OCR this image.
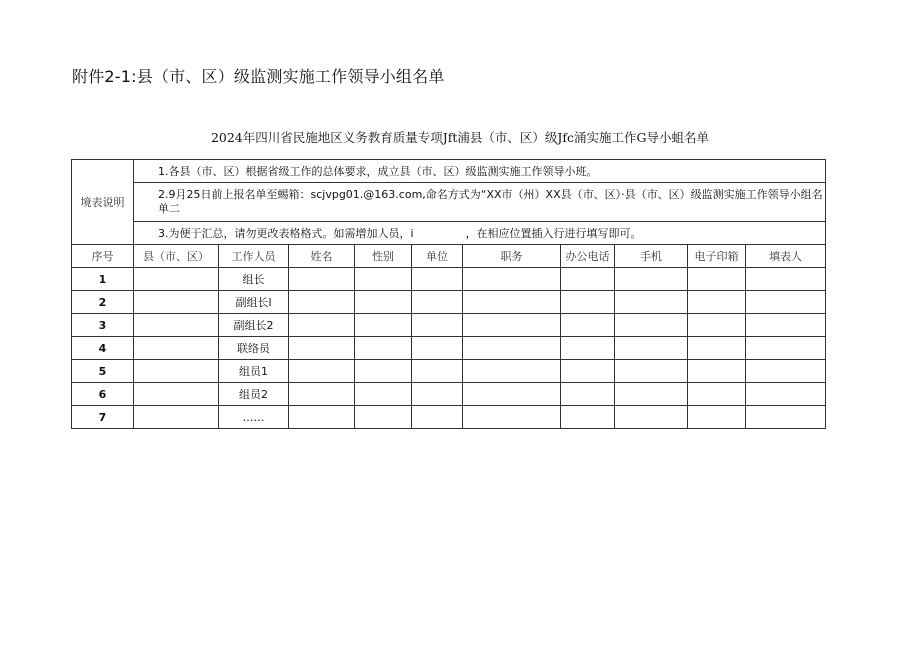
附件2-1:县（市、区）级监测实施工作领导小组名单
2024年四川省民施地区义务教育质量专项Jft浦县（市、区）级Jfc涌实施工作G导小蛆名单
境表说明	1.各县（市、区）根据省级工作的总体要求，成立县（市、区）级监测实施工作领导小班。									
	2.9月25日前上报名单至蜴箱：scjvpg01.@163.com,命名方式为“XX市（州）XX县（市、区）·县（市、区）级监测实施工作领导小组名单二									
	3.为便于汇总，请勿更改表格格式。如需增加人员，i ，在相应位置插入行进行填写即可。									
序号	县（市、区）	工作人员	姓名	性别	单位	职务	办公电话	手机	电子印箱	填表人
1		组长								
2		副组长l								
3		副组长2								
4		联络员								
5		组员1								
6		组员2								
7		……								
